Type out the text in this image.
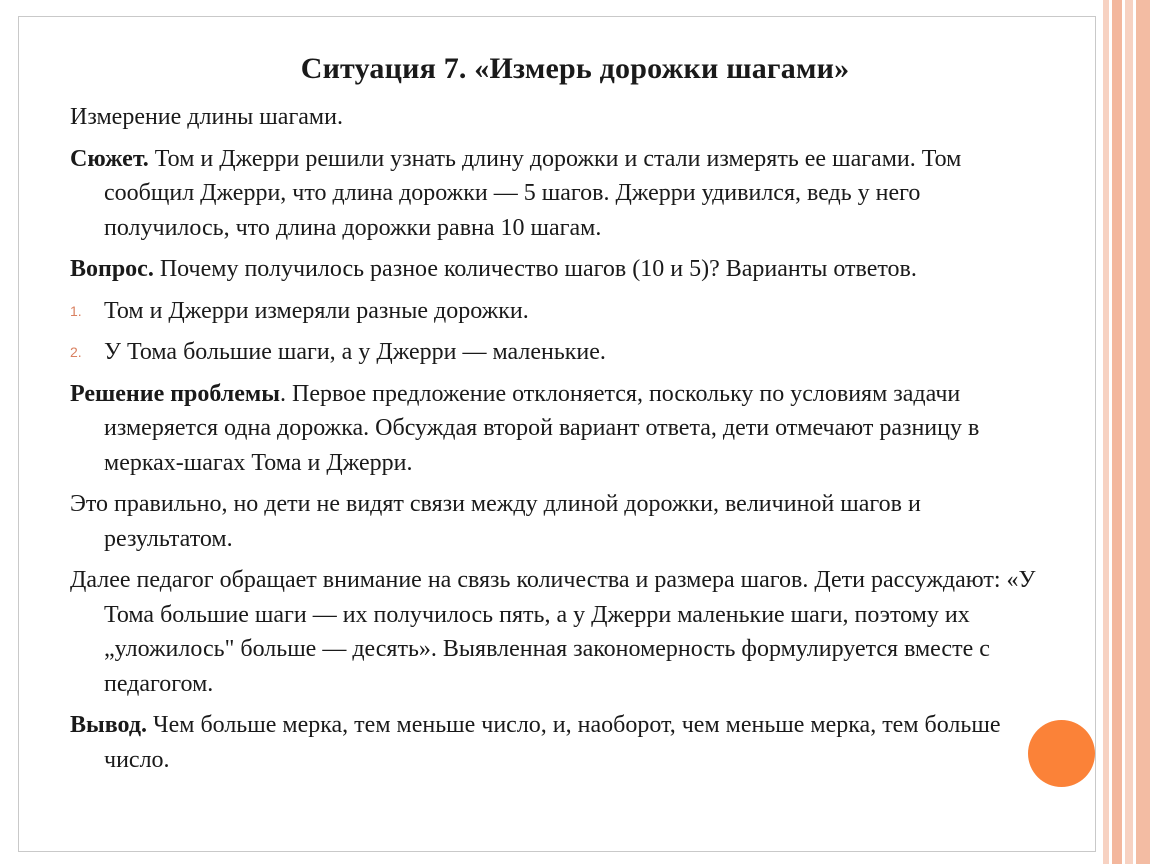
Ситуация 7. «Измерь дорожки шагами»

Измерение длины шагами.

Сюжет. Том и Джерри решили узнать длину дорожки и стали измерять ее шагами. Том сообщил Джерри, что длина дорожки — 5 шагов. Джерри удивился, ведь у него получилось, что длина дорожки равна 10 шагам.

Вопрос. Почему получилось разное количество шагов (10 и 5)? Варианты ответов.

1. Том и Джерри измеряли разные дорожки.

2. У Тома большие шаги, а у Джерри — маленькие.

Решение проблемы. Первое предложение отклоняется, поскольку по условиям задачи измеряется одна дорожка. Обсуждая второй вариант ответа, дети отмечают разницу в мерках-шагах Тома и Джерри.

Это правильно, но дети не видят связи между длиной дорожки, величиной шагов и результатом.

Далее педагог обращает внимание на связь количества и размера шагов. Дети рассуждают: «У Тома большие шаги — их получилось пять, а у Джерри маленькие шаги, поэтому их „уложилось" больше — десять». Выявленная закономерность формулируется вместе с педагогом.

Вывод. Чем больше мерка, тем меньше число, и, наоборот, чем меньше мерка, тем больше число.
